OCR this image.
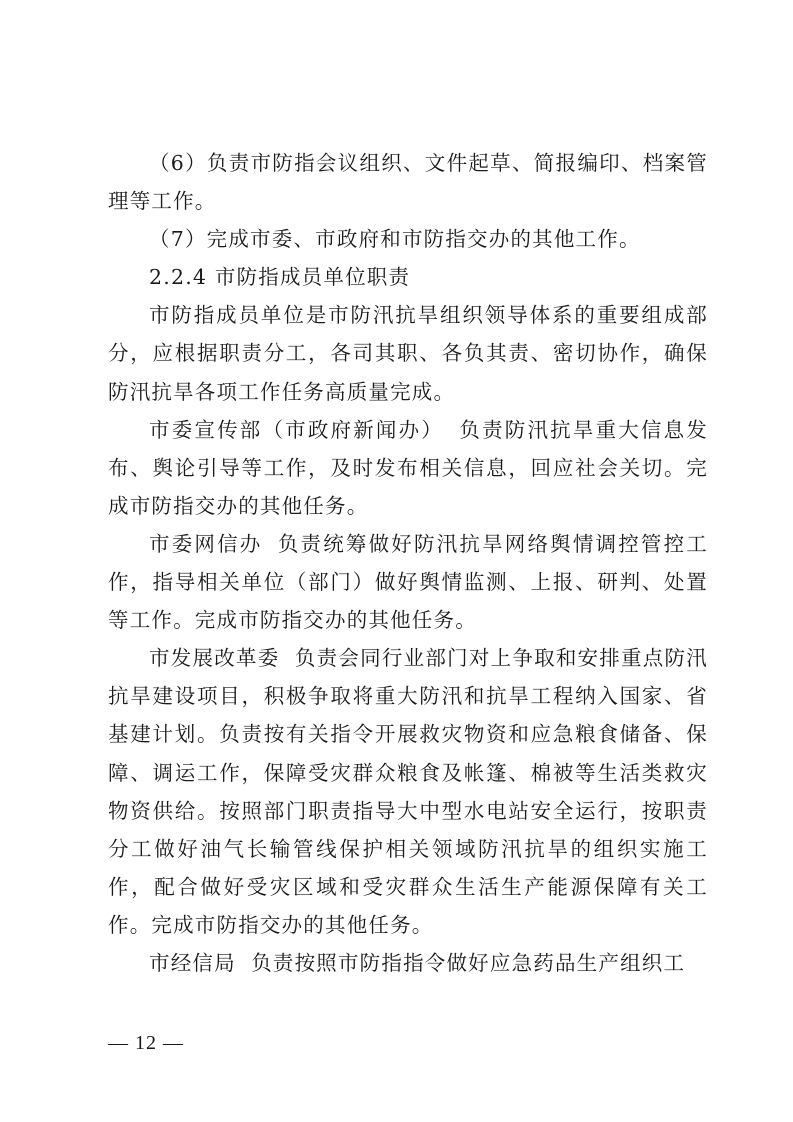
（6）负责市防指会议组织、文件起草、简报编印、档案管理等工作。

（7）完成市委、市政府和市防指交办的其他工作。

2.2.4 市防指成员单位职责

市防指成员单位是市防汛抗旱组织领导体系的重要组成部分，应根据职责分工，各司其职、各负其责、密切协作，确保防汛抗旱各项工作任务高质量完成。

市委宣传部（市政府新闻办） 负责防汛抗旱重大信息发布、舆论引导等工作，及时发布相关信息，回应社会关切。完成市防指交办的其他任务。

市委网信办 负责统筹做好防汛抗旱网络舆情调控管控工作，指导相关单位（部门）做好舆情监测、上报、研判、处置等工作。完成市防指交办的其他任务。

市发展改革委 负责会同行业部门对上争取和安排重点防汛抗旱建设项目，积极争取将重大防汛和抗旱工程纳入国家、省基建计划。负责按有关指令开展救灾物资和应急粮食储备、保障、调运工作，保障受灾群众粮食及帐篷、棉被等生活类救灾物资供给。按照部门职责指导大中型水电站安全运行，按职责分工做好油气长输管线保护相关领域防汛抗旱的组织实施工作，配合做好受灾区域和受灾群众生活生产能源保障有关工作。完成市防指交办的其他任务。

市经信局 负责按照市防指指令做好应急药品生产组织工

— 12 —
